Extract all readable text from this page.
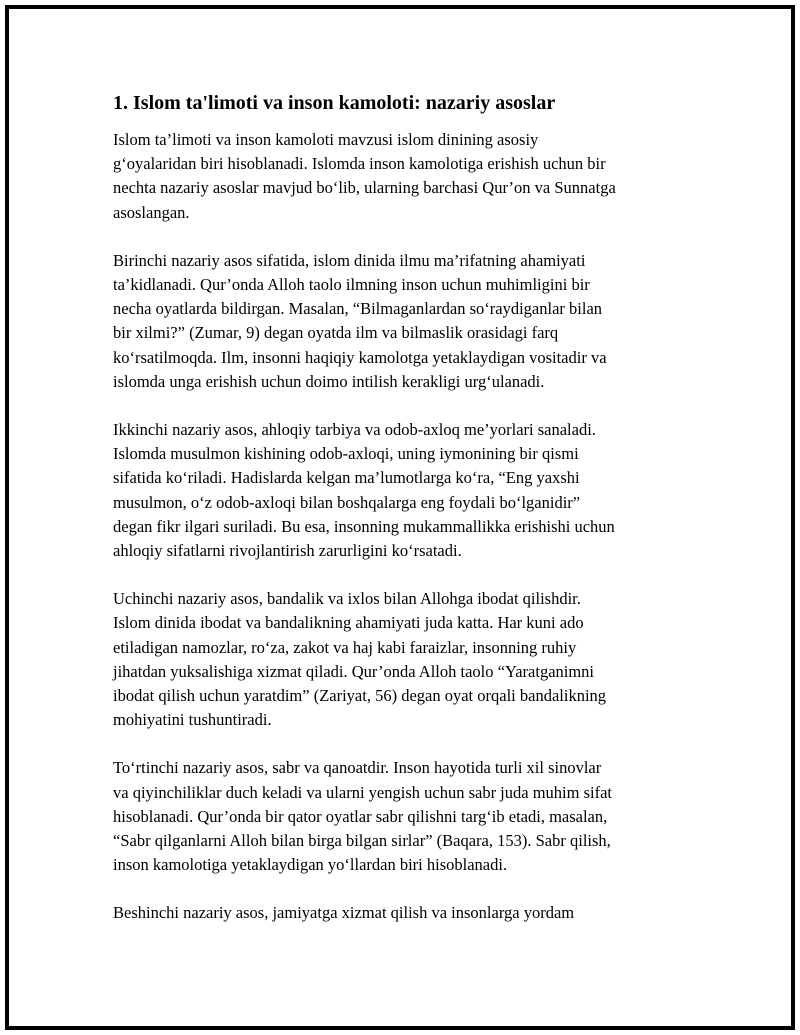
1. Islom ta'limoti va inson kamoloti: nazariy asoslar
Islom ta’limoti va inson kamoloti mavzusi islom dinining asosiy
g‘oyalaridan biri hisoblanadi. Islomda inson kamolotiga erishish uchun bir
nechta nazariy asoslar mavjud bo‘lib, ularning barchasi Qur’on va Sunnatga
asoslangan.
Birinchi nazariy asos sifatida, islom dinida ilmu ma’rifatning ahamiyati
ta’kidlanadi. Qur’onda Alloh taolo ilmning inson uchun muhimligini bir
necha oyatlarda bildirgan. Masalan, “Bilmaganlardan so‘raydiganlar bilan
bir xilmi?” (Zumar, 9) degan oyatda ilm va bilmaslik orasidagi farq
ko‘rsatilmoqda. Ilm, insonni haqiqiy kamolotga yetaklaydigan vositadir va
islomda unga erishish uchun doimo intilish kerakligi urg‘ulanadi.
Ikkinchi nazariy asos, ahloqiy tarbiya va odob-axloq me’yorlari sanaladi.
Islomda musulmon kishining odob-axloqi, uning iymonining bir qismi
sifatida ko‘riladi. Hadislarda kelgan ma’lumotlarga ko‘ra, “Eng yaxshi
musulmon, o‘z odob-axloqi bilan boshqalarga eng foydali bo‘lganidir”
degan fikr ilgari suriladi. Bu esa, insonning mukammallikka erishishi uchun
ahloqiy sifatlarni rivojlantirish zarurligini ko‘rsatadi.
Uchinchi nazariy asos, bandalik va ixlos bilan Allohga ibodat qilishdir.
Islom dinida ibodat va bandalikning ahamiyati juda katta. Har kuni ado
etiladigan namozlar, ro‘za, zakot va haj kabi faraizlar, insonning ruhiy
jihatdan yuksalishiga xizmat qiladi. Qur’onda Alloh taolo “Yaratganimni
ibodat qilish uchun yaratdim” (Zariyat, 56) degan oyat orqali bandalikning
mohiyatini tushuntiradi.
To‘rtinchi nazariy asos, sabr va qanoatdir. Inson hayotida turli xil sinovlar
va qiyinchiliklar duch keladi va ularni yengish uchun sabr juda muhim sifat
hisoblanadi. Qur’onda bir qator oyatlar sabr qilishni targ‘ib etadi, masalan,
“Sabr qilganlarni Alloh bilan birga bilgan sirlar” (Baqara, 153). Sabr qilish,
inson kamolotiga yetaklaydigan yo‘llardan biri hisoblanadi.
Beshinchi nazariy asos, jamiyatga xizmat qilish va insonlarga yordam
